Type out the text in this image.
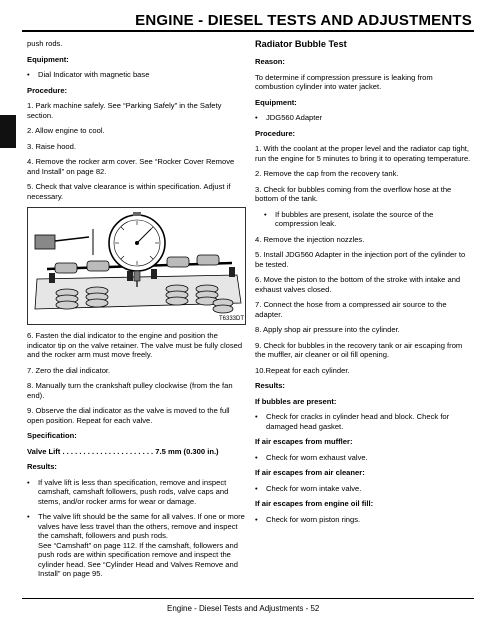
ENGINE - DIESEL TESTS AND ADJUSTMENTS
push rods.
Equipment:
•	Dial Indicator with magnetic base
Procedure:
1. Park machine safely. See “Parking Safely” in the Safety section.
2. Allow engine to cool.
3. Raise hood.
4. Remove the rocker arm cover. See “Rocker Cover Remove and Install” on page 82.
5. Check that valve clearance is within specification. Adjust if necessary.
T6333DT
6. Fasten the dial indicator to the engine and position the indicator tip on the valve retainer. The valve must be fully closed and the rocker arm must move freely.
7. Zero the dial indicator.
8. Manually turn the crankshaft pulley clockwise (from the fan end).
9. Observe the dial indicator as the valve is moved to the full open position. Repeat for each valve.
Specification:
Valve Lift . . . . . . . . . . . . . . . . . . . . . . 7.5 mm (0.300 in.)
Results:
•	If valve lift is less than specification, remove and inspect camshaft, camshaft followers, push rods, valve caps and stems, and/or rocker arms for wear or damage.
•	The valve lift should be the same for all valves. If one or more valves have less travel than the others, remove and inspect the camshaft, followers and push rods.
See “Camshaft” on page 112. If the camshaft, followers and push rods are within specification remove and inspect the cylinder head. See “Cylinder Head and Valves Remove and Install” on page 95.
Radiator Bubble Test
Reason:
To determine if compression pressure is leaking from combustion cylinder into water jacket.
Equipment:
•	JDG560 Adapter
Procedure:
1. With the coolant at the proper level and the radiator cap tight, run the engine for 5 minutes to bring it to operating temperature.
2. Remove the cap from the recovery tank.
3. Check for bubbles coming from the overflow hose at the bottom of the tank.
•	If bubbles are present, isolate the source of the compression leak.
4. Remove the injection nozzles.
5. Install JDG560 Adapter in the injection port of the cylinder to be tested.
6. Move the piston to the bottom of the stroke with intake and exhaust valves closed.
7. Connect the hose from a compressed air source to the adapter.
8. Apply shop air pressure into the cylinder.
9. Check for bubbles in the recovery tank or air escaping from the muffler, air cleaner or oil fill opening.
10.Repeat for each cylinder.
Results:
If bubbles are present:
•	Check for cracks in cylinder head and block. Check for damaged head gasket.
If air escapes from muffler:
•	Check for worn exhaust valve.
If air escapes from air cleaner:
•	Check for worn intake valve.
If air escapes from engine oil fill:
•	Check for worn piston rings.
Engine - Diesel Tests and Adjustments - 52
